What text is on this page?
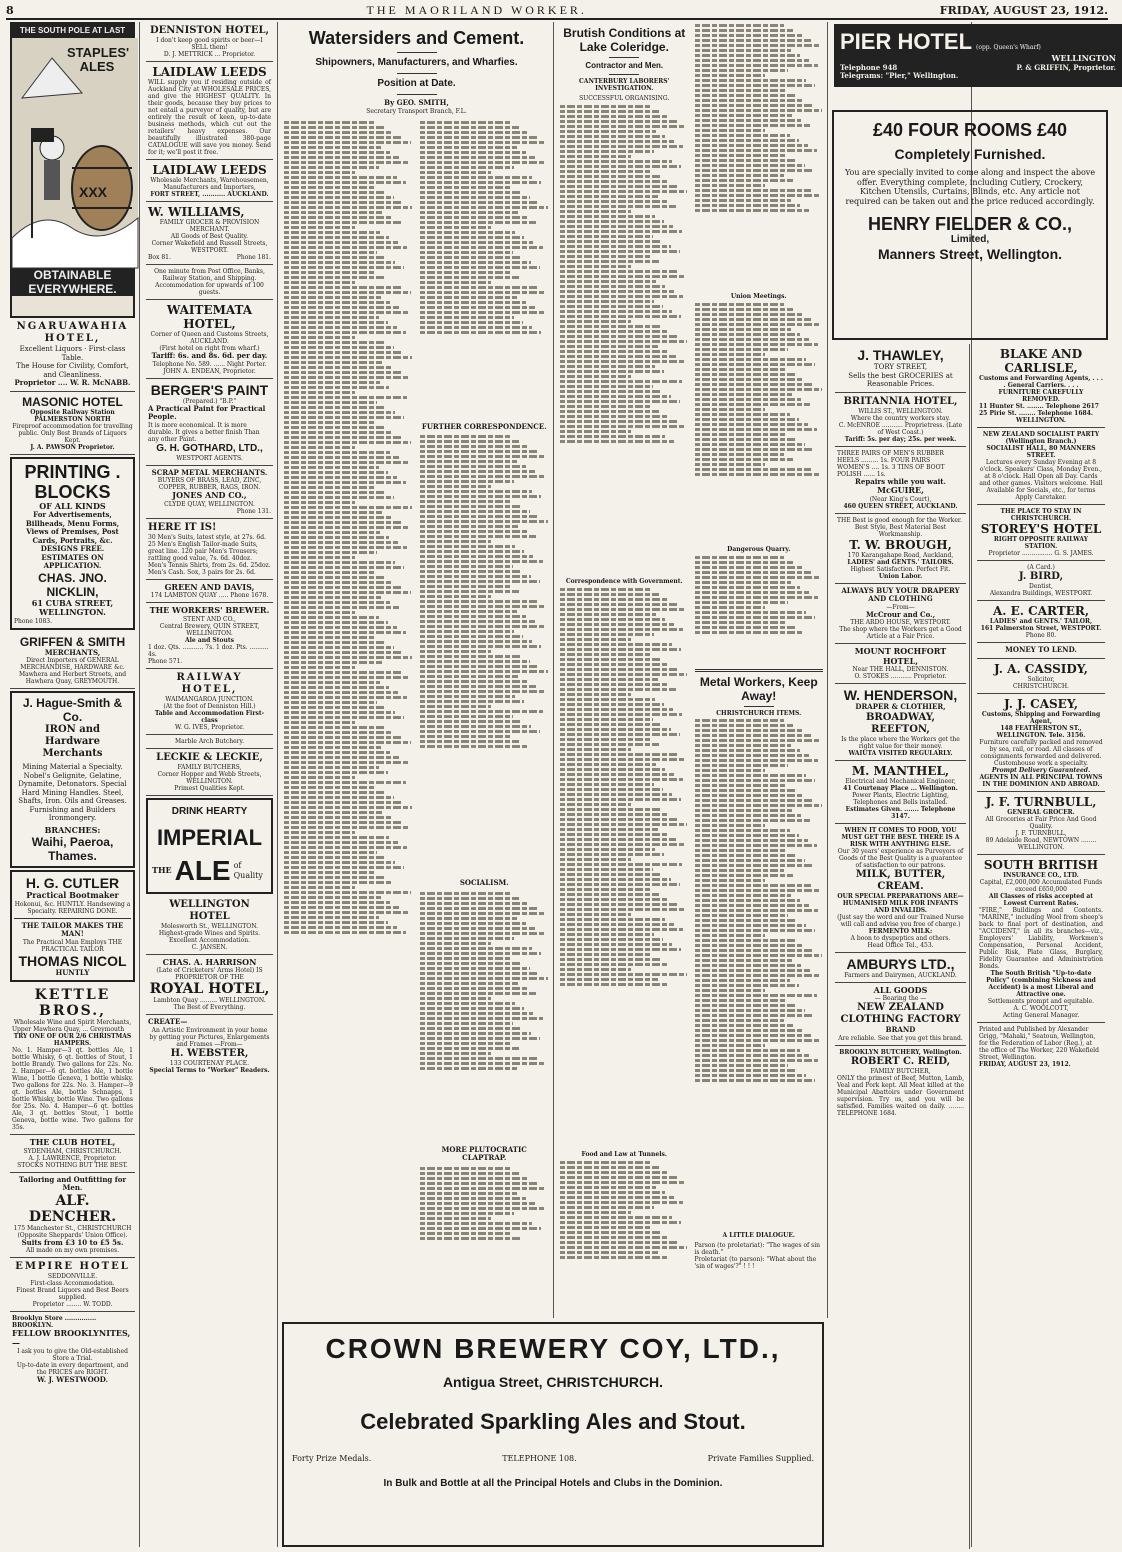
8	THE MAORILAND WORKER.	FRIDAY, AUGUST 23, 1912.
THE SOUTH POLE AT LAST
STAPLES' ALES
XXX
OBTAINABLE
EVERYWHERE.
NGARUAWAHIA HOTEL,
Excellent Liquors · First-class Table.
The House for Civility, Comfort, and Cleanliness.
Proprietor .... W. R. McNABB.
MASONIC HOTEL
Opposite Railway Station PALMERSTON NORTH
Fireproof accommodation for travelling public. Only Best Brands of Liquors Kept.
J. A. PAWSON Proprietor.
PRINTING . BLOCKS
OF ALL KINDS
For Advertisements, Billheads, Menu Forms, Views of Premises, Post Cards, Portraits, &c. DESIGNS FREE.
ESTIMATES ON APPLICATION.
CHAS. JNO. NICKLIN,
61 CUBA STREET, WELLINGTON.
Phone 1083.
GRIFFEN & SMITH
MERCHANTS,
Direct Importers of GENERAL MERCHANDISE, HARDWARE &c. Mawhera and Herbert Streets, and Hawhera Quay, GREYMOUTH.
J. Hague-Smith & Co.
IRON and
Hardware Merchants
Mining Material a Specialty. Nobel's Gelignite, Gelatine, Dynamite, Detonators. Special Hard Mining Handles. Steel, Shafts, Iron. Oils and Greases. Furnishing and Builders Ironmongery.
BRANCHES:
Waihi, Paeroa, Thames.
H. G. CUTLER
Practical Bootmaker
Hokonui, &c. HUNTLY. Handsewing a Specialty. REPAIRING DONE.
THE TAILOR MAKES THE MAN!
The Practical Man Employs THE PRACTICAL TAILOR
THOMAS NICOL
HUNTLY
KETTLE BROS.,
Wholesale Wine and Spirit Merchants,
Upper Mawhera Quay, ... Greymouth
TRY ONE OF OUR 2/6 CHRISTMAS HAMPERS.
No. 1. Hamper—3 qt. bottles Ale, 1 bottle Whisky, 6 qt. bottles of Stout, 1 bottle Brandy. Two gallons for 22s. No. 2. Hamper—6 qt. bottles Ale, 1 bottle Wine, 1 bottle Geneva, 1 bottle whisky. Two gallons for 22s. No. 3. Hamper—9 qt. bottles Ale, bottle Schnapps, 1 bottle Whisky, bottle Wine. Two gallons for 25s. No. 4. Hamper—6 qt. bottles Ale, 3 qt. bottles Stout, 1 bottle Geneva, bottle wine. Two gallons for 35s.
THE CLUB HOTEL,
SYDENHAM, CHRISTCHURCH.
A. J. LAWRENCE, Proprietor.
STOCKS NOTHING BUT THE BEST.
Tailoring and Outfitting for Men.
ALF. DENCHER.
175 Manchester St., CHRISTCHURCH (Opposite Sheppards' Union Office).
Suits from £3 10 to £5 5s.
All made on my own premises.
EMPIRE HOTEL
SEDDONVILLE.
First-class Accommodation.
Finest Brand Liquors and Best Beers supplied.
Proprietor ........ W. TODD.
Brooklyn Store ............... BROOKLYN.
FELLOW BROOKLYNITES,—
I ask you to give the Old-established Store a Trial.
Up-to-date in every department, and the PRICES are RIGHT.
W. J. WESTWOOD.
DENNISTON HOTEL,
I don't keep good spirits or beer—I SELL them!
D. J. METTRICK ... Proprietor.
LAIDLAW LEEDS
WILL supply you if residing outside of Auckland City at WHOLESALE PRICES, and give the HIGHEST QUALITY. In their goods, because they buy prices to not entail a purveyor of quality, but are entirely the result of keen, up-to-date business methods, which cut out the retailers' heavy expenses. Our beautifully illustrated 380-page CATALOGUE will save you money. Send for it; we'll post it free.
LAIDLAW LEEDS
Wholesale Merchants, Warehousemen, Manufacturers and Importers,
FORT STREET, ........... AUCKLAND.
W. WILLIAMS,
FAMILY GROCER & PROVISION MERCHANT.
All Goods of Best Quality.
Corner Wakefield and Russell Streets, WESTPORT.
Box 81.	Phone 181.
One minute from Post Office, Banks, Railway Station, and Shipping. Accommodation for upwards of 100 guests.
WAITEMATA HOTEL,
Corner of Queen and Customs Streets, AUCKLAND.
(First hotel on right from wharf.)
Tariff: 6s. and 8s. 6d. per day.
Telephone No. 589. ...... Night Porter.
JOHN A. ENDEAN, Proprietor.
BERGER'S PAINT
(Prepared.) "B.P."
A Practical Paint for Practical People.
It is more economical. It is more durable. It gives a better finish Than any other Paint.
G. H. GOTHARD, LTD.,
WESTPORT AGENTS.
SCRAP METAL MERCHANTS.
BUYERS OF BRASS, LEAD, ZINC, COPPER, RUBBER, RAGS, IRON.
JONES AND CO.,
CLYDE QUAY, WELLINGTON.
Phone 131.
HERE IT IS!
30 Men's Suits, latest style, at 27s. 6d. 25 Men's English Tailor-made Suits, great line. 120 pair Men's Trousers; rattling good value, 7s. 6d. 40doz. Men's Tennis Shirts, from 2s. 6d. 25doz. Men's Cash. Sox, 3 pairs for 2s. 6d.
GREEN AND DAVIS,
174 LAMBTON QUAY ..... Phone 1678.
THE WORKERS' BREWER.
STENT AND CO.,
Central Brewery, QUIN STREET, WELLINGTON.
Ale and Stouts
1 doz. Qts. ........... 7s. 1 doz. Pts. .......... 4s.
Phone 571.
RAILWAY HOTEL,
WAIMANGAROA JUNCTION.
(At the foot of Denniston Hill.)
Table and Accommodation First-class
W. G. IVES, Proprietor.
Marble Arch Butchery.
LECKIE & LECKIE,
FAMILY BUTCHERS,
Corner Hopper and Webb Streets, WELLINGTON.
Primest Qualities Kept.
DRINK HEARTY
IMPERIAL
THE ALE of Quality
WELLINGTON HOTEL
Molesworth St., WELLINGTON.
Highest-grade Wines and Spirits. Excellent Accommodation.
C. JANSEN.
CHAS. A. HARRISON
(Late of Cricketers' Arms Hotel) IS PROPRIETOR OF THE
ROYAL HOTEL,
Lambton Quay ......... WELLINGTON.
The Best of Everything.
CREATE—
An Artistic Environment in your home by getting your Pictures, Enlargements and Frames —From—
H. WEBSTER,
133 COURTENAY PLACE.
Special Terms to "Worker" Readers.
Watersiders and Cement.
Shipowners, Manufacturers, and Wharfies.
Position at Date.
By GEO. SMITH,
Secretary Transport Branch, F.L.
FURTHER CORRESPONDENCE.
SOCIALISM.
MORE PLUTOCRATIC CLAPTRAP.
Brutish Conditions at Lake Coleridge.
Contractor and Men.
CANTERBURY LABORERS' INVESTIGATION.
SUCCESSFUL ORGANISING.
Correspondence with Government.
Food and Law at Tunnels.
Union Meetings.
Dangerous Quarry.
Metal Workers, Keep Away!
CHRISTCHURCH ITEMS.
A LITTLE DIALOGUE.
Parson (to proletariat): "The wages of sin is death."
Proletariat (to parson): "What about the 'sin of wages'?" ! ! !
CROWN BREWERY COY, LTD.,
Antigua Street, CHRISTCHURCH.
Celebrated Sparkling Ales and Stout.
Forty Prize Medals.	TELEPHONE 108.	Private Families Supplied.
In Bulk and Bottle at all the Principal Hotels and Clubs in the Dominion.
PIER HOTEL (opp. Queen's Wharf)
WELLINGTON
Telephone 948	P. & GRIFFIN, Proprietor.
Telegrams: "Pier," Wellington.
£40 FOUR ROOMS £40
Completely Furnished.
You are specially invited to come along and inspect the above offer. Everything complete, including Cutlery, Crockery, Kitchen Utensils, Curtains, Blinds, etc. Any article not required can be taken out and the price reduced accordingly.
HENRY FIELDER & CO.,
Limited,
Manners Street, Wellington.
J. THAWLEY,
TORY STREET,
Sells the best GROCERIES at Reasonable Prices.
BRITANNIA HOTEL,
WILLIS ST., WELLINGTON.
Where the country workers stay.
C. McENROE ........... Proprietress. (Late of West Coast.)
Tariff: 5s. per day; 25s. per week.
THREE PAIRS OF MEN'S RUBBER HEELS ......... 1s. FOUR PAIRS WOMEN'S .... 1s. 3 TINS OF BOOT POLISH ...... 1s.
Repairs while you wait.
McGUIRE,
(Near King's Court),
460 QUEEN STREET, AUCKLAND.
THE Best is good enough for the Worker.
Best Style, Best Material Best Workmanship.
T. W. BROUGH,
170 Karangahape Road, Auckland,
LADIES' and GENTS.' TAILORS.
Highest Satisfaction. Perfect Fit.
Union Labor.
ALWAYS BUY YOUR DRAPERY AND CLOTHING
—From—
McCrour and Co.,
THE ARDO HOUSE, WESTPORT.
The shop where the Workers get a Good Article at a Fair Price.
MOUNT ROCHFORT HOTEL,
Near THE HALL, DENNISTON.
O. STOKES ........... Proprietor.
W. HENDERSON,
DRAPER & CLOTHIER,
BROADWAY, REEFTON,
Is the place where the Workers get the right value for their money.
WAIUTA VISITED REGULARLY.
M. MANTHEL,
Electrical and Mechanical Engineer,
41 Courtenay Place ... Wellington.
Power Plants, Electric Lighting, Telephones and Bells installed.
Estimates Given. ....... Telephone 3147.
WHEN IT COMES TO FOOD, YOU MUST GET THE BEST. THERE IS A RISK WITH ANYTHING ELSE.
Our 30 years' experience as Purveyors of Goods of the Best Quality is a guarantee of satisfaction to our patrons.
MILK, BUTTER, CREAM.
OUR SPECIAL PREPARATIONS ARE—
HUMANISED MILK FOR INFANTS AND INVALIDS.
(Just say the word and our Trained Nurse will call and advise you free of charge.)
FERMENTO MILK:
A boon to dyspeptics and others.
Head Office Tel., 453.
AMBURYS LTD.,
Farmers and Dairymen, AUCKLAND.
ALL GOODS
— Bearing the —
NEW ZEALAND CLOTHING FACTORY
BRAND
Are reliable. See that you get this brand.
BROOKLYN BUTCHERY, Wellington.
ROBERT C. REID,
FAMILY BUTCHER,
ONLY the primest of Beef, Mutton, Lamb, Veal and Pork kept. All Meat killed at the Municipal Abattoirs under Government supervision. Try us, and you will be satisfied. Families waited on daily. ........ TELEPHONE 1684.
BLAKE AND CARLISLE,
Customs and Forwarding Agents, . . . . General Carriers. . . .
FURNITURE CAREFULLY REMOVED.
11 Hunter St. ........ Telephone 2617
25 Pirie St. ........ Telephone 1684.
WELLINGTON.
NEW ZEALAND SOCIALIST PARTY (Wellington Branch.)
SOCIALIST HALL, 80 MANNERS STREET.
Lectures every Sunday Evening at 8 o'clock. Speakers' Class, Monday Even., at 8 o'clock. Hall Open all Day. Cards and other games. Visitors welcome. Hall Available for Socials, etc., for terms Apply Caretaker.
THE PLACE TO STAY IN CHRISTCHURCH.
STOREY'S HOTEL
RIGHT OPPOSITE RAILWAY STATION.
Proprietor ................ G. S. JAMES.
(A Card.)
J. BIRD,
Dentist,
Alexandra Buildings, WESTPORT.
A. E. CARTER,
LADIES' and GENTS.' TAILOR,
161 Palmerston Street, WESTPORT.
Phone 80.
MONEY TO LEND.
J. A. CASSIDY,
Solicitor,
CHRISTCHURCH.
J. J. CASEY,
Customs, Shipping and Forwarding Agent,
148 FEATHERSTON ST., WELLINGTON. Tele. 3156.
Furniture carefully packed and removed by sea, rail, or road. All classes of consignments forwarded and delivered. Customhouse work a specialty.
Prompt Delivery Guaranteed.
AGENTS IN ALL PRINCIPAL TOWNS IN THE DOMINION AND ABROAD.
J. F. TURNBULL,
GENERAL GROCER.
All Groceries at Fair Price And Good Quality.
J. F. TURNBULL,
89 Adelaide Road, NEWTOWN ........ WELLINGTON.
SOUTH BRITISH
INSURANCE CO., LTD.
Capital, £2,000,000 Accumulated Funds exceed £650,000
All Classes of risks accepted at Lowest Current Rates.
"FIRE," Buildings and Contents. "MARINE," including Wool from sheep's back to final port of destination, and "ACCIDENT," in all its branches—viz., Employers' Liability, Workmen's Compensation, Personal Accident, Public Risk, Plate Glass, Burglary, Fidelity Guarantee and Administration Bonds.
The South British "Up-to-date Policy" (combining Sickness and Accident) is a most Liberal and Attractive one.
Settlements prompt and equitable.
A. C. WOOLCOTT,
Acting General Manager.
Printed and Published by Alexander Grigg, "Mahaki," Seatoun, Wellington, for the Federation of Labor (Reg.), at the office of The Worker, 220 Wakefield Street, Wellington.
FRIDAY, AUGUST 23, 1912.
